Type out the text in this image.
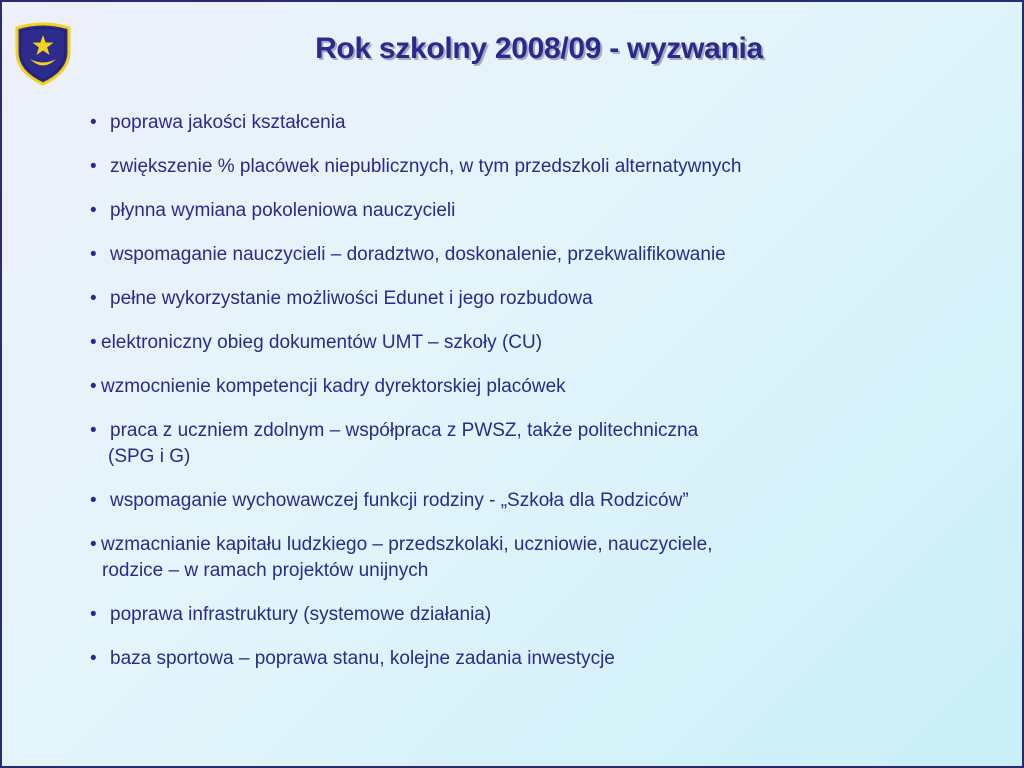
Rok szkolny 2008/09 - wyzwania
• poprawa jakości kształcenia
• zwiększenie % placówek niepublicznych, w tym przedszkoli alternatywnych
• płynna wymiana pokoleniowa nauczycieli
• wspomaganie nauczycieli – doradztwo, doskonalenie, przekwalifikowanie
• pełne wykorzystanie możliwości Edunet i jego rozbudowa
• elektroniczny obieg dokumentów UMT – szkoły (CU)
• wzmocnienie kompetencji kadry dyrektorskiej placówek
• praca z uczniem zdolnym – współpraca z PWSZ, także politechniczna
(SPG i G)
• wspomaganie wychowawczej funkcji rodziny - „Szkoła dla Rodziców”
• wzmacnianie kapitału ludzkiego – przedszkolaki, uczniowie, nauczyciele,
rodzice – w ramach projektów unijnych
• poprawa infrastruktury (systemowe działania)
• baza sportowa – poprawa stanu, kolejne zadania inwestycje
